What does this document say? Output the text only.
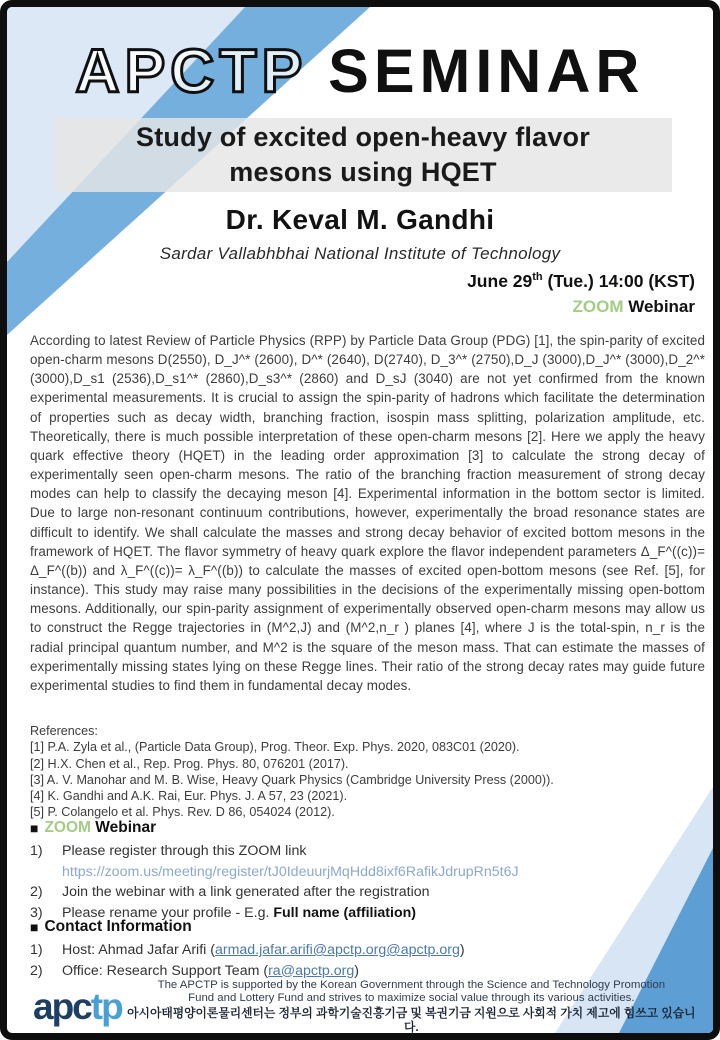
Study of excited open-heavy flavor
mesons using HQET
APCTP SEMINAR
Dr. Keval M. Gandhi
Sardar Vallabhbhai National Institute of Technology
June 29th (Tue.) 14:00 (KST)
ZOOM Webinar
According to latest Review of Particle Physics (RPP) by Particle Data Group (PDG) [1], the spin-parity of excited open-charm mesons D(2550), D_J^* (2600), D^* (2640), D(2740), D_3^* (2750),D_J (3000),D_J^* (3000),D_2^* (3000),D_s1 (2536),D_s1^* (2860),D_s3^* (2860) and D_sJ (3040) are not yet confirmed from the known experimental measurements. It is crucial to assign the spin-parity of hadrons which facilitate the determination of properties such as decay width, branching fraction, isospin mass splitting, polarization amplitude, etc. Theoretically, there is much possible interpretation of these open-charm mesons [2]. Here we apply the heavy quark effective theory (HQET) in the leading order approximation [3] to calculate the strong decay of experimentally seen open-charm mesons. The ratio of the branching fraction measurement of strong decay modes can help to classify the decaying meson [4]. Experimental information in the bottom sector is limited. Due to large non-resonant continuum contributions, however, experimentally the broad resonance states are difficult to identify. We shall calculate the masses and strong decay behavior of excited bottom mesons in the framework of HQET. The flavor symmetry of heavy quark explore the flavor independent parameters Δ_F^((c))= Δ_F^((b)) and λ_F^((c))= λ_F^((b)) to calculate the masses of excited open-bottom mesons (see Ref. [5], for instance). This study may raise many possibilities in the decisions of the experimentally missing open-bottom mesons. Additionally, our spin-parity assignment of experimentally observed open-charm mesons may allow us to construct the Regge trajectories in (M^2,J) and (M^2,n_r ) planes [4], where J is the total-spin, n_r is the radial principal quantum number, and M^2 is the square of the meson mass. That can estimate the masses of experimentally missing states lying on these Regge lines. Their ratio of the strong decay rates may guide future experimental studies to find them in fundamental decay modes.
References:
[1] P.A. Zyla et al., (Particle Data Group), Prog. Theor. Exp. Phys. 2020, 083C01 (2020).
[2] H.X. Chen et al., Rep. Prog. Phys. 80, 076201 (2017).
[3] A. V. Manohar and M. B. Wise, Heavy Quark Physics (Cambridge University Press (2000)).
[4] K. Gandhi and A.K. Rai, Eur. Phys. J. A 57, 23 (2021).
[5] P. Colangelo et al. Phys. Rev. D 86, 054024 (2012).
■ ZOOM Webinar
1)	Please register through this ZOOM link
https://zoom.us/meeting/register/tJ0IdeuurjMqHdd8ixf6RafikJdrupRn5t6J
2)	Join the webinar with a link generated after the registration
3)	Please rename your profile - E.g. Full name (affiliation)
■ Contact Information
1)	Host: Ahmad Jafar Arifi (armad.jafar.arifi@apctp.org@apctp.org)
2)	Office: Research Support Team (ra@apctp.org)
apctp
The APCTP is supported by the Korean Government through the Science and Technology Promotion
Fund and Lottery Fund and strives to maximize social value through its various activities.
아시아태평양이론물리센터는 정부의 과학기술진흥기금 및 복권기금 지원으로 사회적 가치 제고에 힘쓰고 있습니다.
